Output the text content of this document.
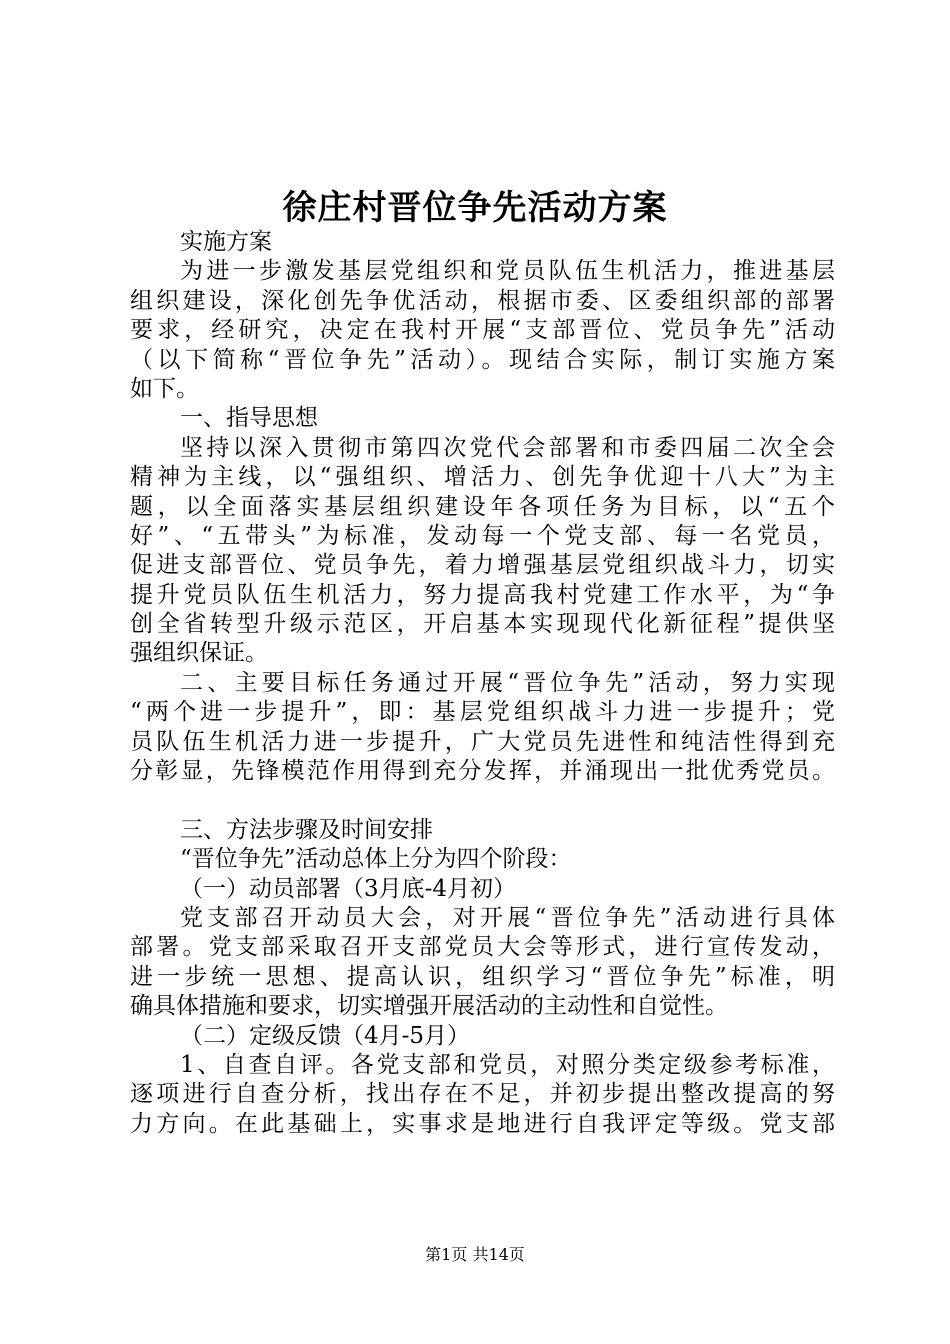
徐庄村晋位争先活动方案
实施方案
为进一步激发基层党组织和党员队伍生机活力，推进基层
组织建设，深化创先争优活动，根据市委、区委组织部的部署
要求，经研究，决定在我村开展“支部晋位、党员争先”活动
（以下简称“晋位争先”活动）。现结合实际，制订实施方案
如下。
一、指导思想
坚持以深入贯彻市第四次党代会部署和市委四届二次全会
精神为主线，以“强组织、增活力、创先争优迎十八大”为主
题，以全面落实基层组织建设年各项任务为目标，以“五个
好”、“五带头”为标准，发动每一个党支部、每一名党员，
促进支部晋位、党员争先，着力增强基层党组织战斗力，切实
提升党员队伍生机活力，努力提高我村党建工作水平，为“争
创全省转型升级示范区，开启基本实现现代化新征程”提供坚
强组织保证。
二、主要目标任务通过开展“晋位争先”活动，努力实现
“两个进一步提升”，即：基层党组织战斗力进一步提升；党
员队伍生机活力进一步提升，广大党员先进性和纯洁性得到充
分彰显，先锋模范作用得到充分发挥，并涌现出一批优秀党员。
三、方法步骤及时间安排
“晋位争先”活动总体上分为四个阶段：
（一）动员部署（3月底-4月初）
党支部召开动员大会，对开展“晋位争先”活动进行具体
部署。党支部采取召开支部党员大会等形式，进行宣传发动，
进一步统一思想、提高认识，组织学习“晋位争先”标准，明
确具体措施和要求，切实增强开展活动的主动性和自觉性。
（二）定级反馈（4月-5月）
1、自查自评。各党支部和党员，对照分类定级参考标准，
逐项进行自查分析，找出存在不足，并初步提出整改提高的努
力方向。在此基础上，实事求是地进行自我评定等级。党支部
第1页 共14页
